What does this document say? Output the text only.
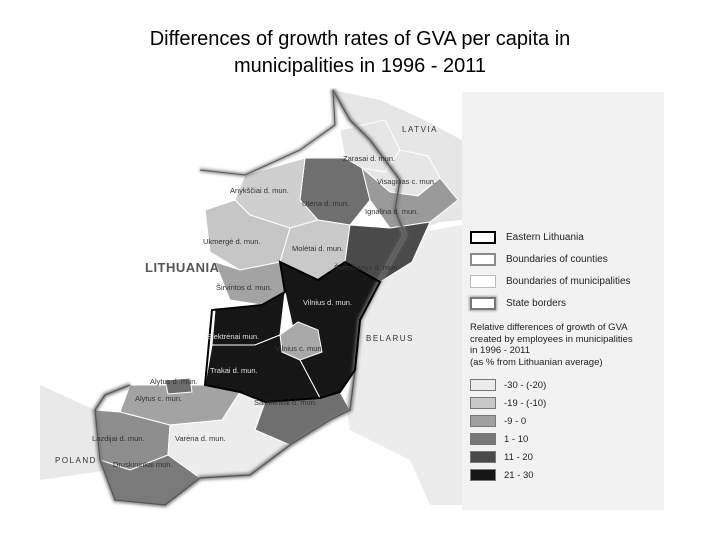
Differences of growth rates of GVA per capita in
municipalities in 1996 - 2011
LATVIA
LITHUANIA
BELARUS
POLAND
Zarasai d. mun.
Visaginas c. mun.
Anykščiai d. mun.
Utena d. mun.
Ignalina d. mun.
Ukmergė d. mun.
Molėtai d. mun.
Švenčionys d. mun.
Širvintos d. mun.
Vilnius d. mun.
Elektrėnai mun.
Vilnius c. mun.
Trakai d. mun.
Alytus d. mun.
Alytus c. mun.	Šalčininkai d. mun.
Lazdijai d. mun.	Varėna d. mun.
Druskininkai mun.
Eastern Lithuania
Boundaries of counties
Boundaries of municipalities
State borders
Relative differences of growth of GVA
created by employees in municipalities
in 1996 - 2011
(as % from Lithuanian average)
-30 - (-20)
-19 - (-10)
-9 - 0
1 - 10
11 - 20
21 - 30
